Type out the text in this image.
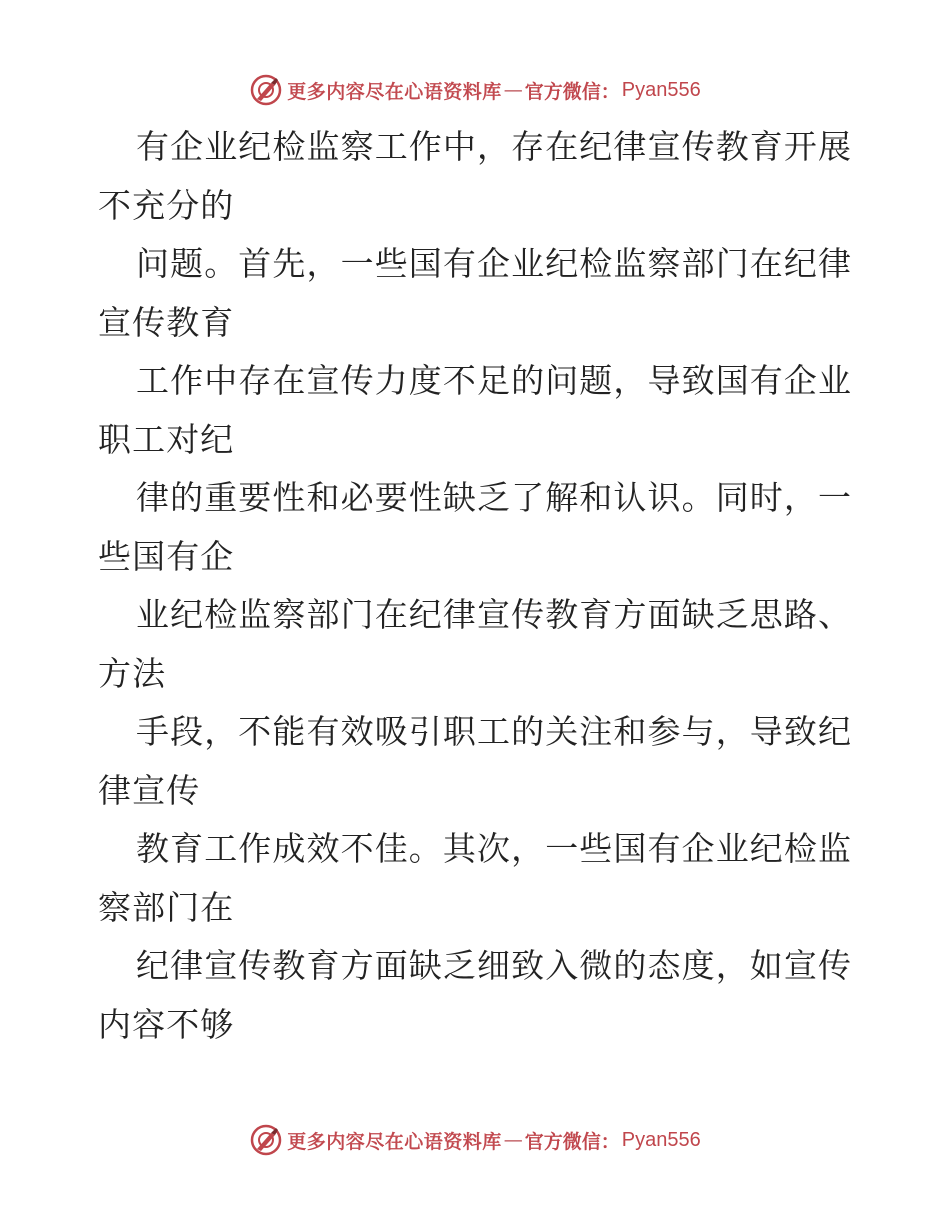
更多内容尽在心语资料库 — 官方微信： Pyan556
有企业纪检监察工作中，存在纪律宣传教育开展
不充分的
问题。首先，一些国有企业纪检监察部门在纪律
宣传教育
工作中存在宣传力度不足的问题，导致国有企业
职工对纪
律的重要性和必要性缺乏了解和认识。同时，一
些国有企
业纪检监察部门在纪律宣传教育方面缺乏思路、
方法
手段，不能有效吸引职工的关注和参与，导致纪
律宣传
教育工作成效不佳。其次，一些国有企业纪检监
察部门在
纪律宣传教育方面缺乏细致入微的态度，如宣传
内容不够
更多内容尽在心语资料库 — 官方微信： Pyan556
